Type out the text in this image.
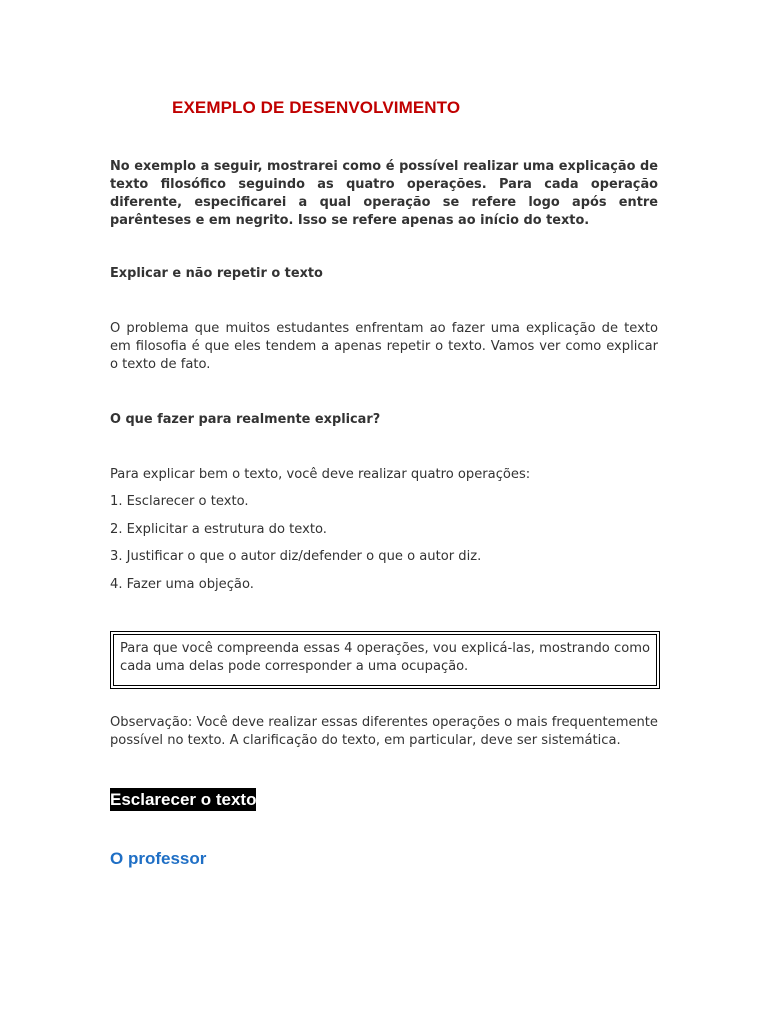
EXEMPLO DE DESENVOLVIMENTO

No exemplo a seguir, mostrarei como é possível realizar uma explicação de texto filosófico seguindo as quatro operações. Para cada operação diferente, especificarei a qual operação se refere logo após entre parênteses e em negrito. Isso se refere apenas ao início do texto.

Explicar e não repetir o texto

O problema que muitos estudantes enfrentam ao fazer uma explicação de texto em filosofia é que eles tendem a apenas repetir o texto. Vamos ver como explicar o texto de fato.

O que fazer para realmente explicar?

Para explicar bem o texto, você deve realizar quatro operações:

1. Esclarecer o texto.
2. Explicitar a estrutura do texto.
3. Justificar o que o autor diz/defender o que o autor diz.
4. Fazer uma objeção.

Para que você compreenda essas 4 operações, vou explicá-las, mostrando como cada uma delas pode corresponder a uma ocupação.

Observação: Você deve realizar essas diferentes operações o mais frequentemente possível no texto. A clarificação do texto, em particular, deve ser sistemática.

Esclarecer o texto
O professor
